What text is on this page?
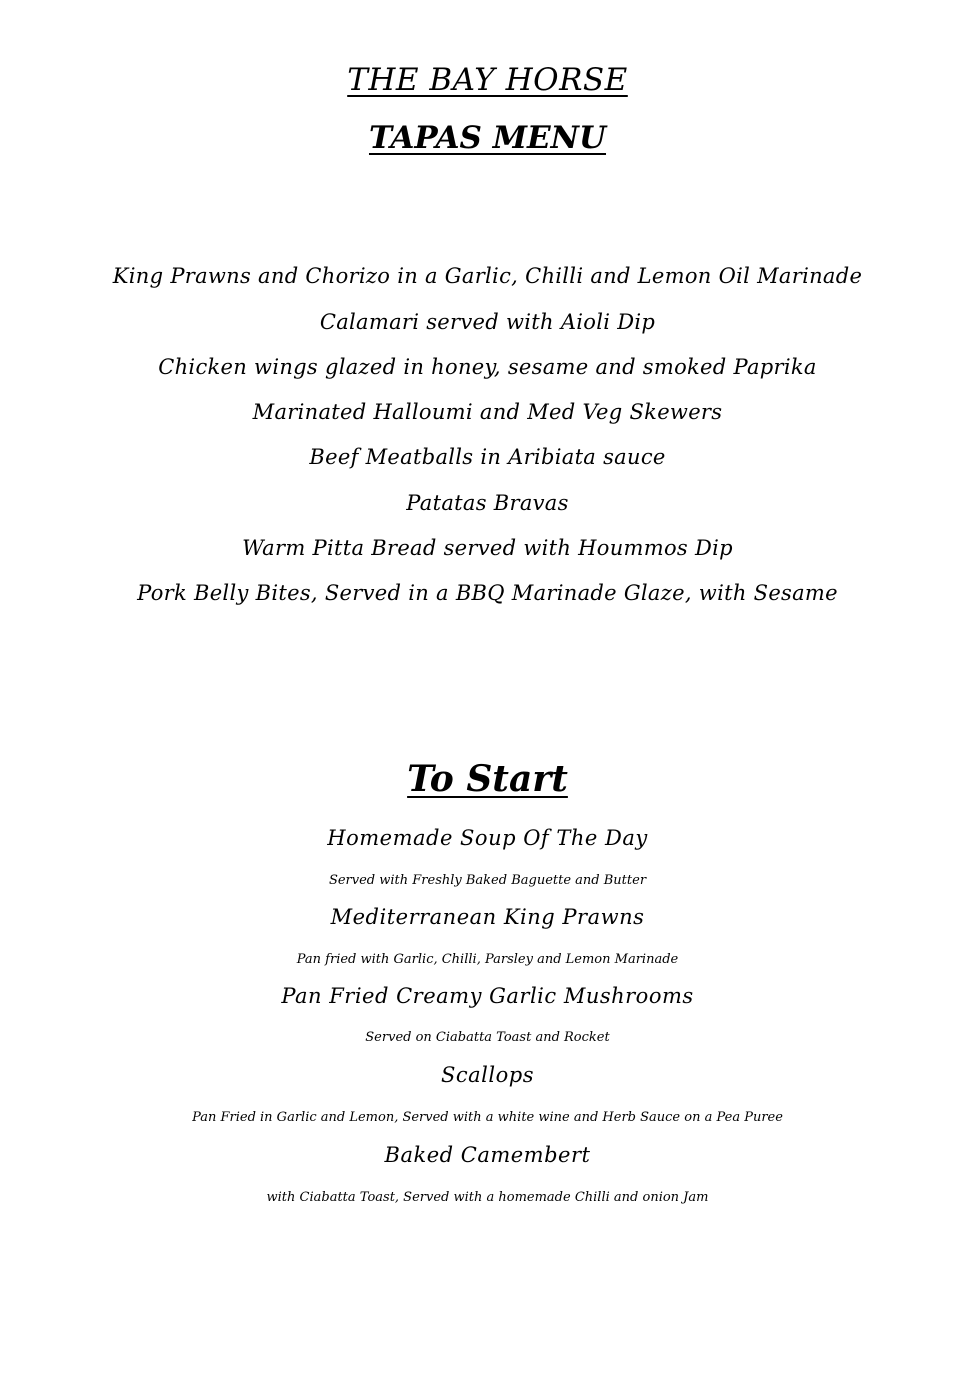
THE BAY HORSE
TAPAS MENU
King Prawns and Chorizo in a Garlic, Chilli and Lemon Oil Marinade
Calamari served with Aioli Dip
Chicken wings glazed in honey, sesame and smoked Paprika
Marinated Halloumi and Med Veg Skewers
Beef Meatballs in Aribiata sauce
Patatas Bravas
Warm Pitta Bread served with Hoummos Dip
Pork Belly Bites, Served in a BBQ Marinade Glaze, with Sesame
To Start
Homemade Soup Of The Day
Served with Freshly Baked Baguette and Butter
Mediterranean King Prawns
Pan fried with Garlic, Chilli, Parsley and Lemon Marinade
Pan Fried Creamy Garlic Mushrooms
Served on Ciabatta Toast and Rocket
Scallops
Pan Fried in Garlic and Lemon, Served with a white wine and Herb Sauce on a Pea Puree
Baked Camembert
with Ciabatta Toast, Served with a homemade Chilli and onion Jam
